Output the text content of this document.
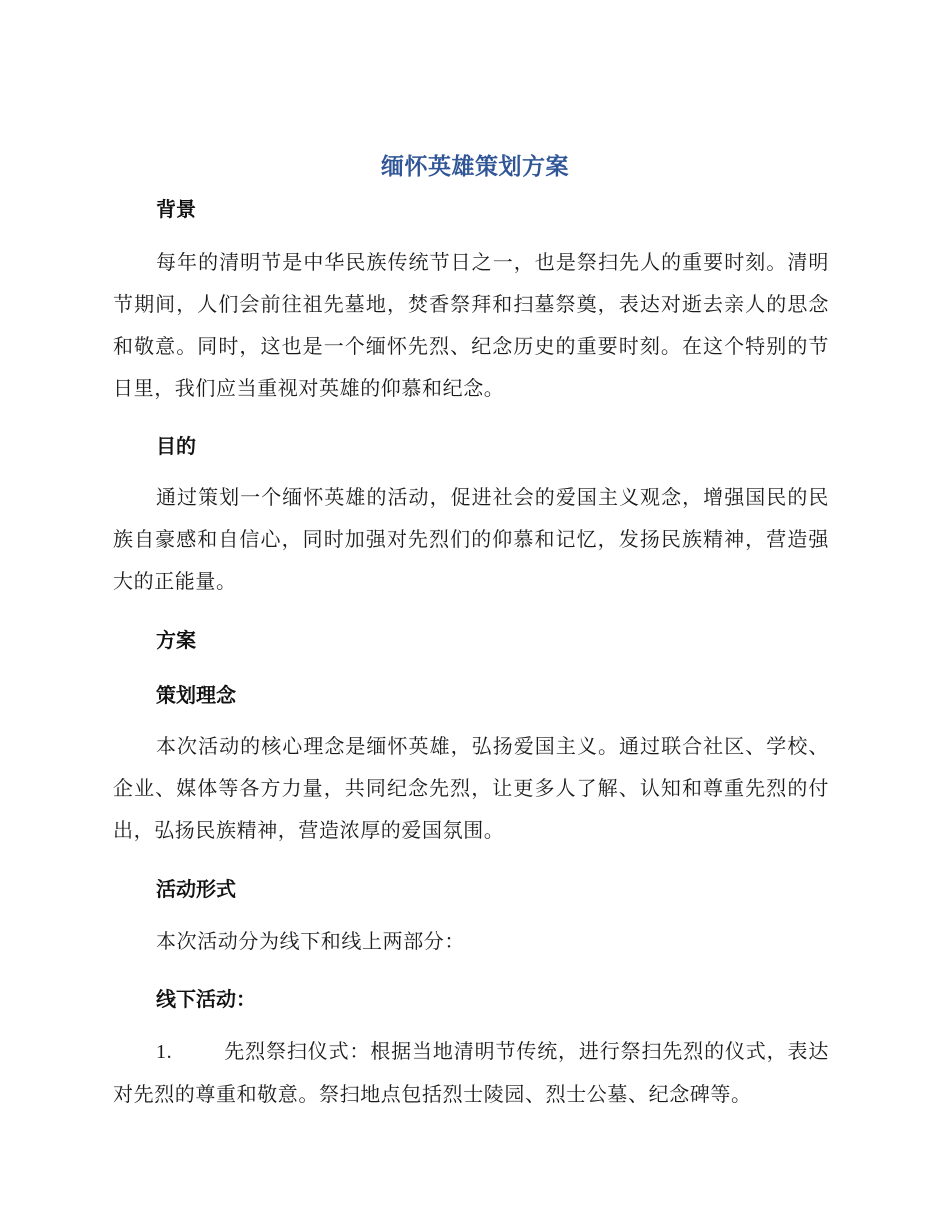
缅怀英雄策划方案
背景
每年的清明节是中华民族传统节日之一，也是祭扫先人的重要时刻。清明节期间，人们会前往祖先墓地，焚香祭拜和扫墓祭奠，表达对逝去亲人的思念和敬意。同时，这也是一个缅怀先烈、纪念历史的重要时刻。在这个特别的节日里，我们应当重视对英雄的仰慕和纪念。
目的
通过策划一个缅怀英雄的活动，促进社会的爱国主义观念，增强国民的民族自豪感和自信心，同时加强对先烈们的仰慕和记忆，发扬民族精神，营造强大的正能量。
方案
策划理念
本次活动的核心理念是缅怀英雄，弘扬爱国主义。通过联合社区、学校、企业、媒体等各方力量，共同纪念先烈，让更多人了解、认知和尊重先烈的付出，弘扬民族精神，营造浓厚的爱国氛围。
活动形式
本次活动分为线下和线上两部分：
线下活动：
1.	先烈祭扫仪式：根据当地清明节传统，进行祭扫先烈的仪式，表达对先烈的尊重和敬意。祭扫地点包括烈士陵园、烈士公墓、纪念碑等。
